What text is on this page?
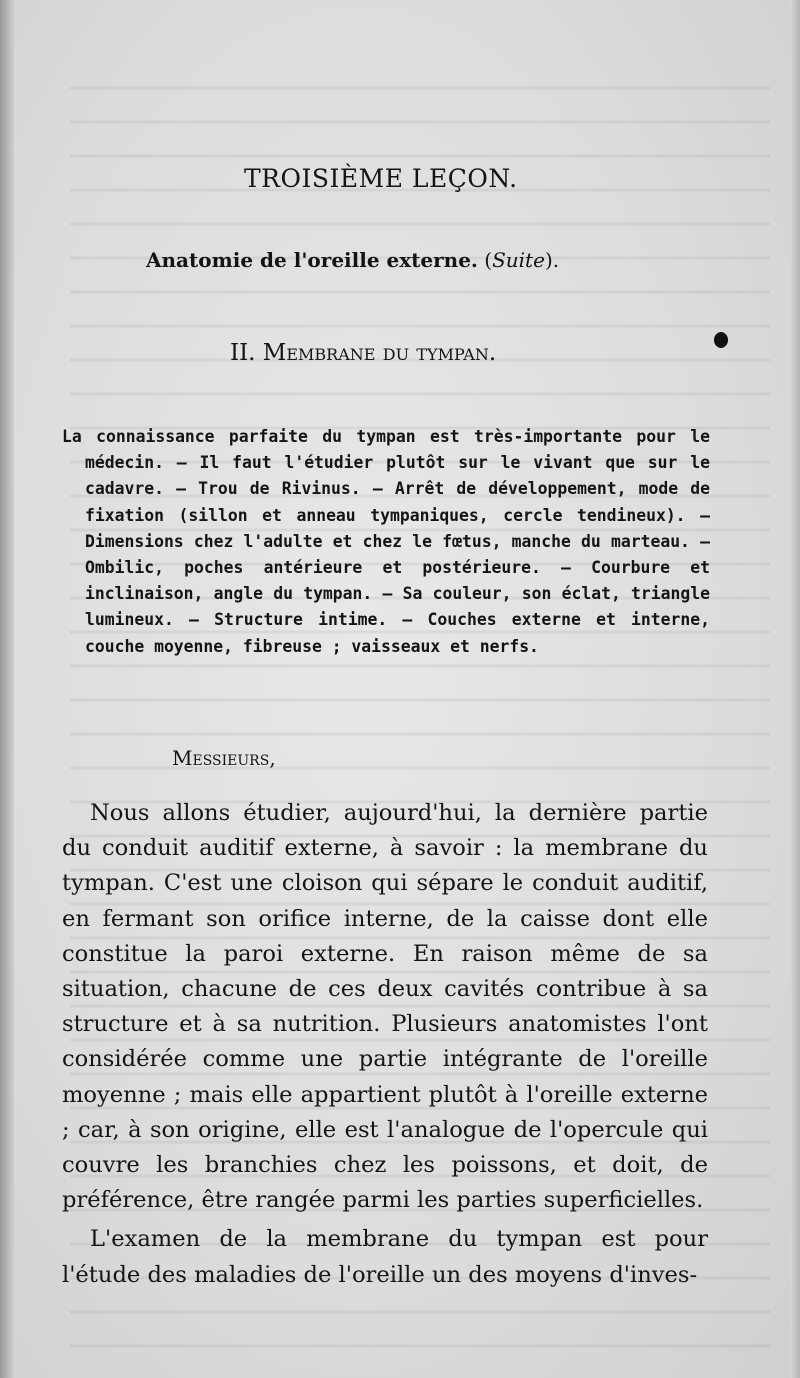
TROISIÈME LEÇON.
Anatomie de l'oreille externe. (Suite).
II. Membrane du tympan.

La connaissance parfaite du tympan est très-importante pour le médecin. — Il faut l'étudier plutôt sur le vivant que sur le cadavre. — Trou de Rivinus. — Arrêt de développement, mode de fixation (sillon et anneau tympaniques, cercle tendineux). — Dimensions chez l'adulte et chez le fœtus, manche du marteau. — Ombilic, poches antérieure et postérieure. — Courbure et inclinaison, angle du tympan. — Sa couleur, son éclat, triangle lumineux. — Structure intime. — Couches externe et interne, couche moyenne, fibreuse ; vaisseaux et nerfs.

Messieurs,

Nous allons étudier, aujourd'hui, la dernière partie du conduit auditif externe, à savoir : la membrane du tympan. C'est une cloison qui sépare le conduit auditif, en fermant son orifice interne, de la caisse dont elle constitue la paroi externe. En raison même de sa situation, chacune de ces deux cavités contribue à sa structure et à sa nutrition. Plusieurs anatomistes l'ont considérée comme une partie intégrante de l'oreille moyenne ; mais elle appartient plutôt à l'oreille externe ; car, à son origine, elle est l'analogue de l'opercule qui couvre les branchies chez les poissons, et doit, de préférence, être rangée parmi les parties superficielles.

L'examen de la membrane du tympan est pour l'étude des maladies de l'oreille un des moyens d'inves-
